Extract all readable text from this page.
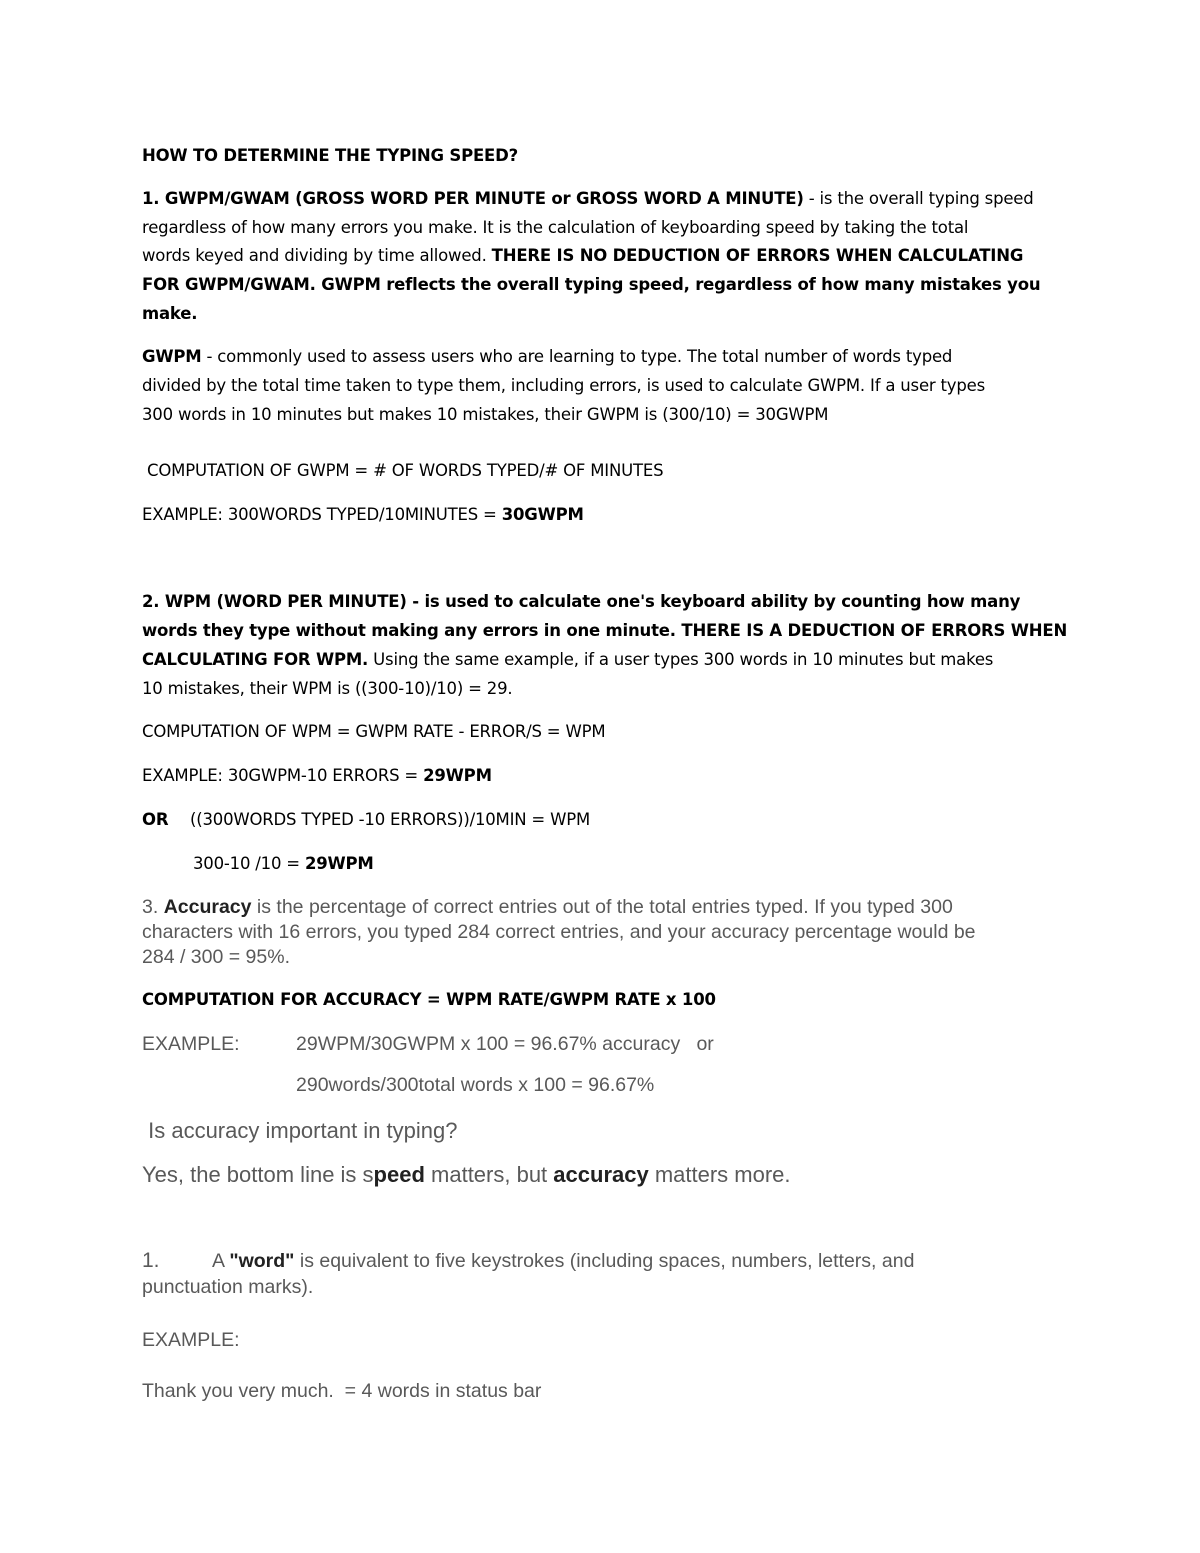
HOW TO DETERMINE THE TYPING SPEED?
1. GWPM/GWAM (GROSS WORD PER MINUTE or GROSS WORD A MINUTE) - is the overall typing speed
regardless of how many errors you make. It is the calculation of keyboarding speed by taking the total
words keyed and dividing by time allowed. THERE IS NO DEDUCTION OF ERRORS WHEN CALCULATING
FOR GWPM/GWAM. GWPM reflects the overall typing speed, regardless of how many mistakes you
make.
GWPM - commonly used to assess users who are learning to type. The total number of words typed
divided by the total time taken to type them, including errors, is used to calculate GWPM. If a user types
300 words in 10 minutes but makes 10 mistakes, their GWPM is (300/10) = 30GWPM
COMPUTATION OF GWPM = # OF WORDS TYPED/# OF MINUTES
EXAMPLE: 300WORDS TYPED/10MINUTES = 30GWPM
2. WPM (WORD PER MINUTE) - is used to calculate one's keyboard ability by counting how many
words they type without making any errors in one minute. THERE IS A DEDUCTION OF ERRORS WHEN
CALCULATING FOR WPM. Using the same example, if a user types 300 words in 10 minutes but makes
10 mistakes, their WPM is ((300-10)/10) = 29.
COMPUTATION OF WPM = GWPM RATE - ERROR/S = WPM
EXAMPLE: 30GWPM-10 ERRORS = 29WPM
OR ((300WORDS TYPED -10 ERRORS))/10MIN = WPM
300-10 /10 = 29WPM
3. Accuracy is the percentage of correct entries out of the total entries typed. If you typed 300
characters with 16 errors, you typed 284 correct entries, and your accuracy percentage would be
284 / 300 = 95%.
COMPUTATION FOR ACCURACY = WPM RATE/GWPM RATE x 100
EXAMPLE:	29WPM/30GWPM x 100 = 96.67% accuracy   or
290words/300total words x 100 = 96.67%
Is accuracy important in typing?
Yes, the bottom line is speed matters, but accuracy matters more.
1.	A "word" is equivalent to five keystrokes (including spaces, numbers, letters, and
punctuation marks).
EXAMPLE:
Thank you very much.  = 4 words in status bar
